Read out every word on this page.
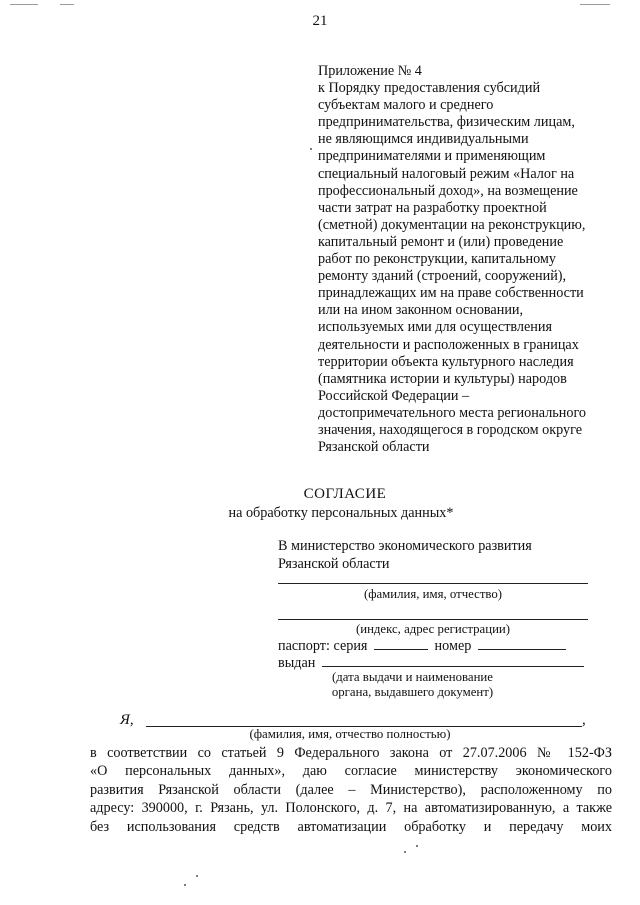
21
Приложение № 4
к Порядку предоставления субсидий
субъектам малого и среднего
предпринимательства, физическим лицам,
не являющимся индивидуальными
предпринимателями и применяющим
специальный налоговый режим «Налог на
профессиональный доход», на возмещение
части затрат на разработку проектной
(сметной) документации на реконструкцию,
капитальный ремонт и (или) проведение
работ по реконструкции, капитальному
ремонту зданий (строений, сооружений),
принадлежащих им на праве собственности
или на ином законном основании,
используемых ими для осуществления
деятельности и расположенных в границах
территории объекта культурного наследия
(памятника истории и культуры) народов
Российской Федерации –
достопримечательного места регионального
значения, находящегося в городском округе
Рязанской области
СОГЛАСИЕ
на обработку персональных данных*
В министерство экономического развития
Рязанской области
(фамилия, имя, отчество)
(индекс, адрес регистрации)
паспорт: серия	номер
выдан
(дата выдачи и наименование
органа, выдавшего документ)
Я,	,
(фамилия, имя, отчество полностью)
в соответствии со статьей 9 Федерального закона от 27.07.2006 № 152-ФЗ
«О персональных данных», даю согласие министерству экономического
развития Рязанской области (далее – Министерство), расположенному по
адресу: 390000, г. Рязань, ул. Полонского, д. 7, на автоматизированную, а также
без использования средств автоматизации обработку и передачу моих
